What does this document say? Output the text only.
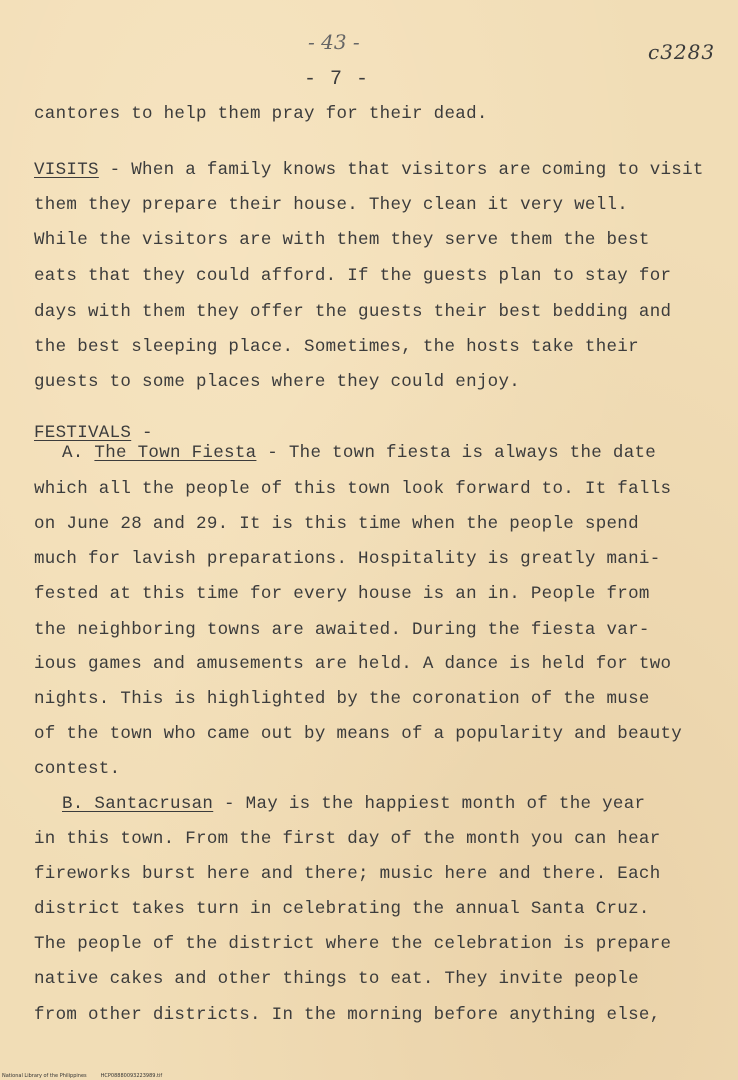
- 43 -
- 7 -
c3283
cantores to help them pray for their dead.
VISITS - When a family knows that visitors are coming to visit
them they prepare their house. They clean it very well.
While the visitors are with them they serve them the best
eats that they could afford. If the guests plan to stay for
days with them they offer the guests their best bedding and
the best sleeping place. Sometimes, the hosts take their
guests to some places where they could enjoy.
FESTIVALS -
A. The Town Fiesta - The town fiesta is always the date
which all the people of this town look forward to. It falls
on June 28 and 29. It is this time when the people spend
much for lavish preparations. Hospitality is greatly mani-
fested at this time for every house is an in. People from
the neighboring towns are awaited. During the fiesta var-
ious games and amusements are held. A dance is held for two
nights. This is highlighted by the coronation of the muse
of the town who came out by means of a popularity and beauty
contest.
B. Santacrusan - May is the happiest month of the year
in this town. From the first day of the month you can hear
fireworks burst here and there; music here and there. Each
district takes turn in celebrating the annual Santa Cruz.
The people of the district where the celebration is prepare
native cakes and other things to eat. They invite people
from other districts. In the morning before anything else,
National Library of the Philippines	HCP08880093223989.tif
